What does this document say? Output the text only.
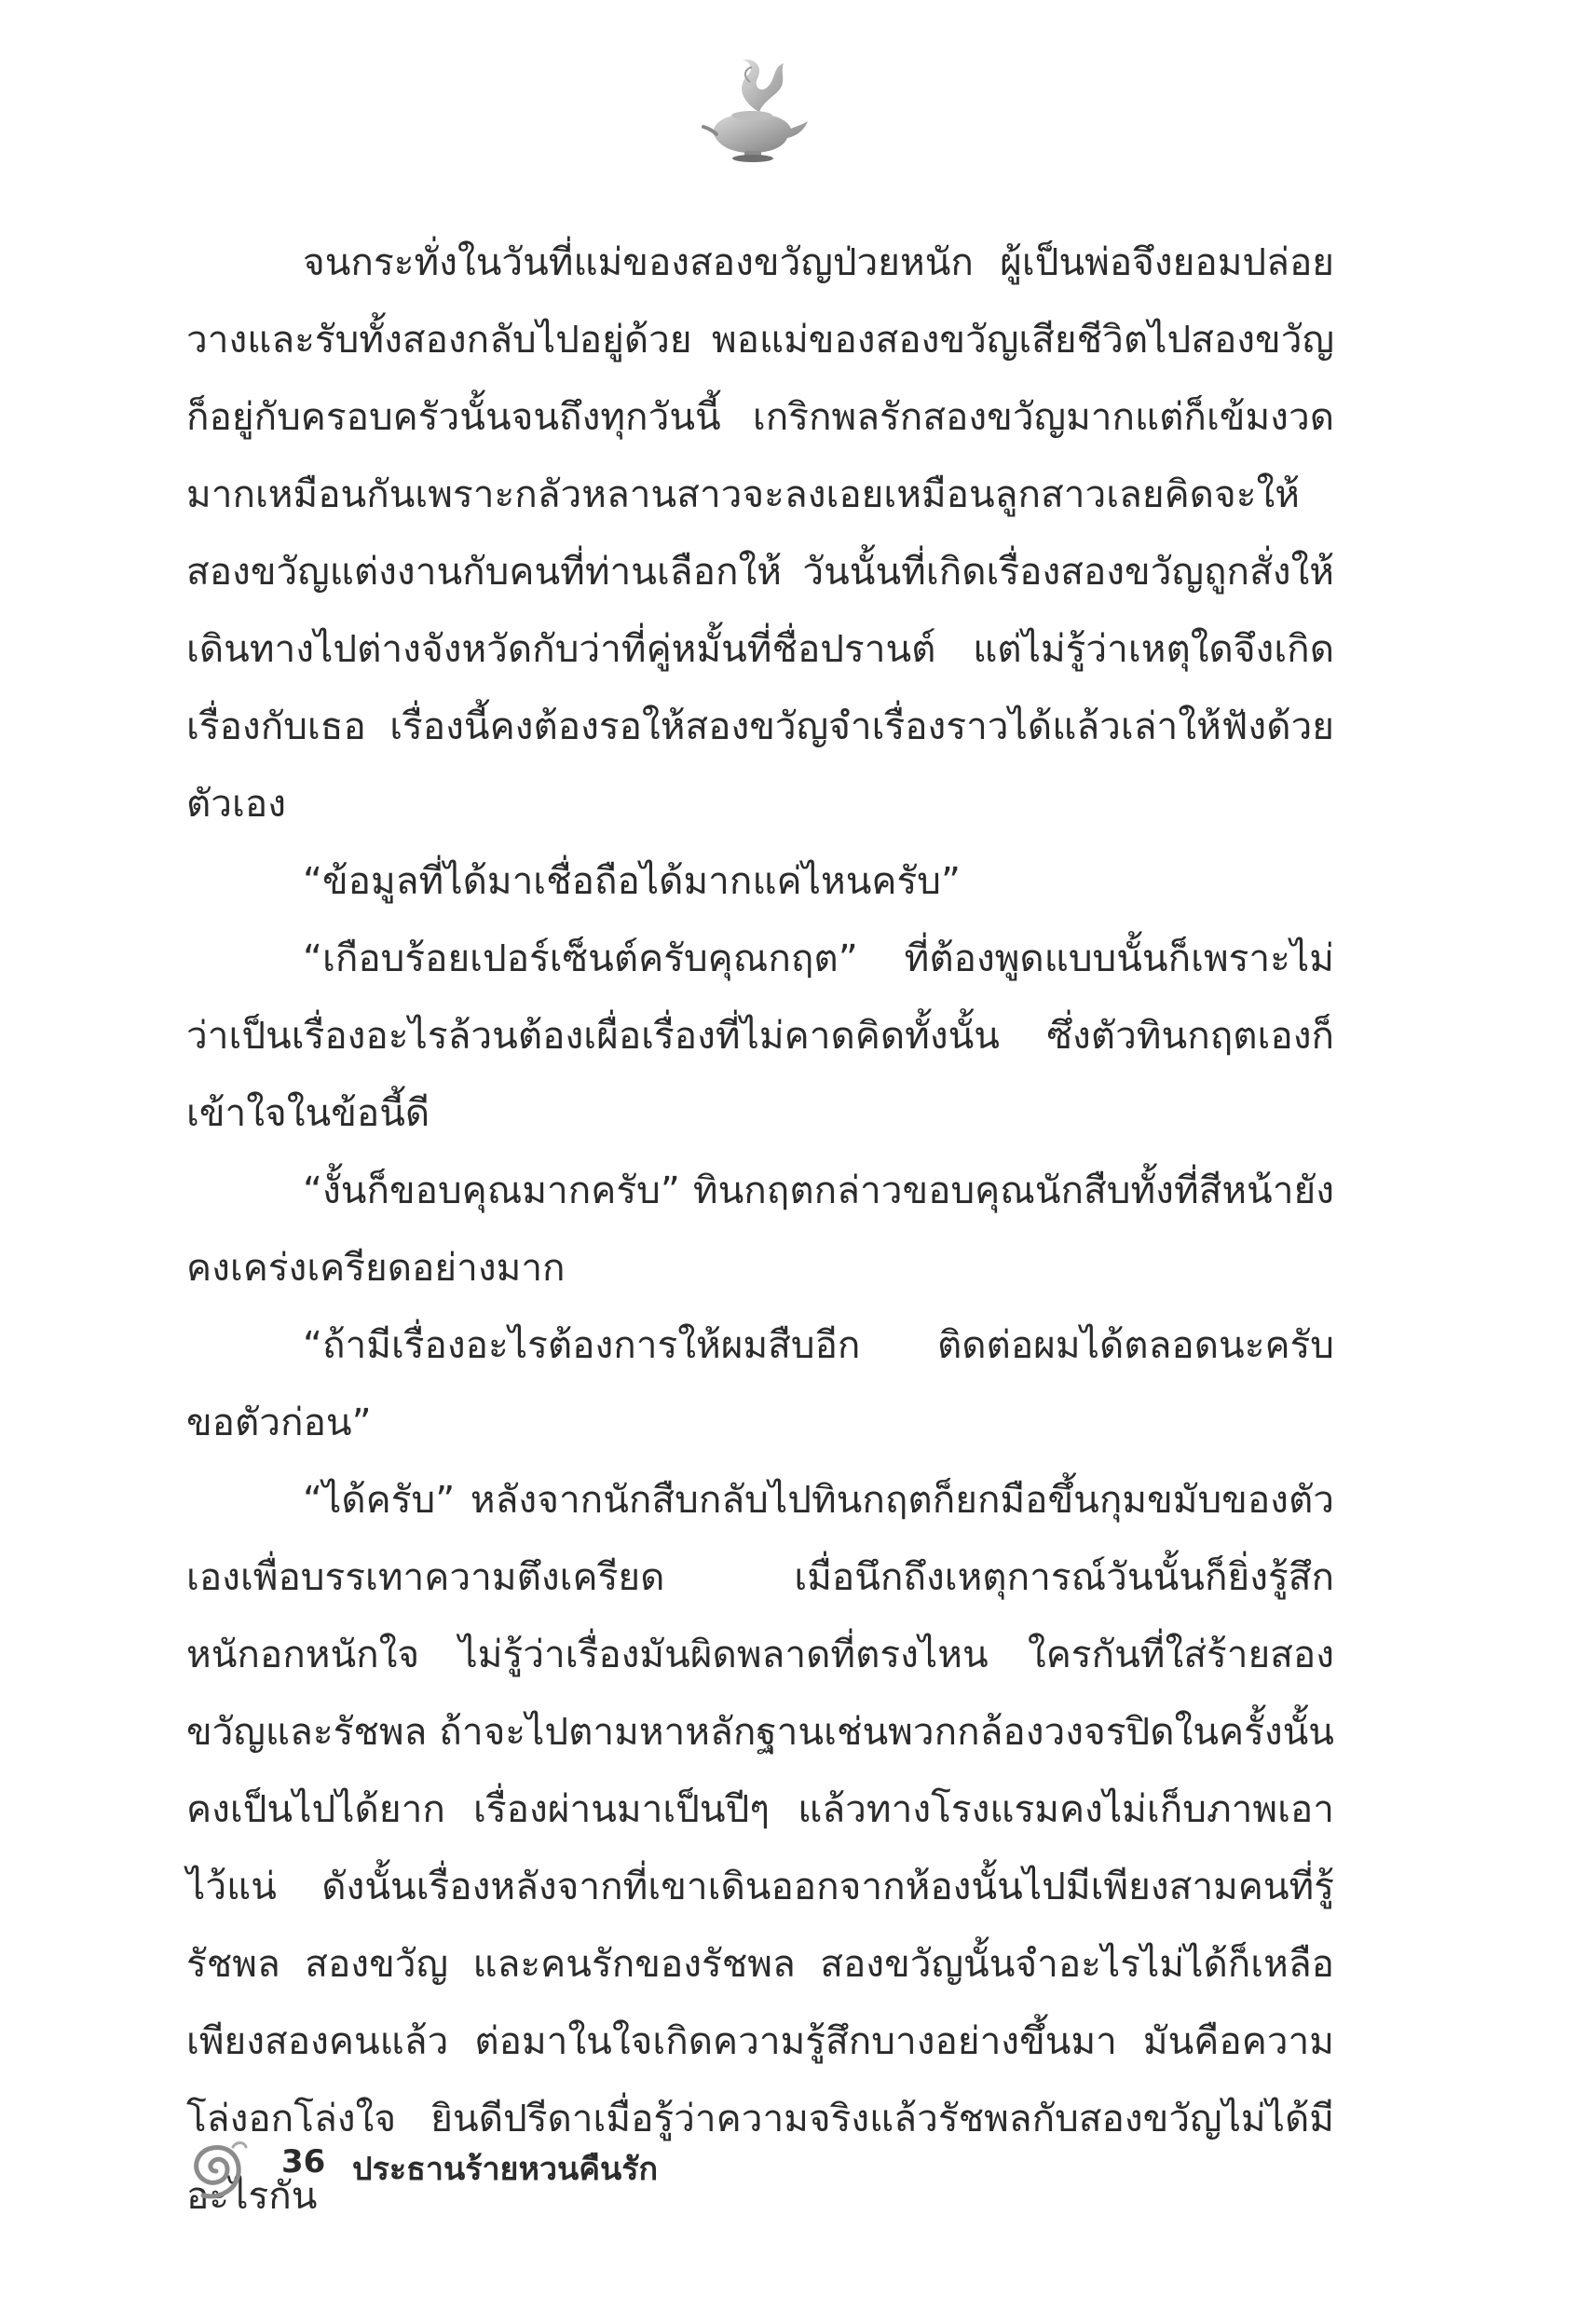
จนกระทั่งในวันที่แม่ของสองขวัญป่วยหนัก ผู้เป็นพ่อจึงยอมปล่อยวางและรับทั้งสองกลับไปอยู่ด้วย พอแม่ของสองขวัญเสียชีวิตไปสองขวัญก็อยู่กับครอบครัวนั้นจนถึงทุกวันนี้ เกริกพลรักสองขวัญมากแต่ก็เข้มงวดมากเหมือนกันเพราะกลัวหลานสาวจะลงเอยเหมือนลูกสาวเลยคิดจะให้สองขวัญแต่งงานกับคนที่ท่านเลือกให้ วันนั้นที่เกิดเรื่องสองขวัญถูกสั่งให้เดินทางไปต่างจังหวัดกับว่าที่คู่หมั้นที่ชื่อปรานต์ แต่ไม่รู้ว่าเหตุใดจึงเกิดเรื่องกับเธอ เรื่องนี้คงต้องรอให้สองขวัญจำเรื่องราวได้แล้วเล่าให้ฟังด้วยตัวเอง

“ข้อมูลที่ได้มาเชื่อถือได้มากแค่ไหนครับ”

“เกือบร้อยเปอร์เซ็นต์ครับคุณกฤต” ที่ต้องพูดแบบนั้นก็เพราะไม่ว่าเป็นเรื่องอะไรล้วนต้องเผื่อเรื่องที่ไม่คาดคิดทั้งนั้น ซึ่งตัวทินกฤตเองก็เข้าใจในข้อนี้ดี

“งั้นก็ขอบคุณมากครับ” ทินกฤตกล่าวขอบคุณนักสืบทั้งที่สีหน้ายังคงเคร่งเครียดอย่างมาก

“ถ้ามีเรื่องอะไรต้องการให้ผมสืบอีก ติดต่อผมได้ตลอดนะครับขอตัวก่อน”

“ได้ครับ” หลังจากนักสืบกลับไปทินกฤตก็ยกมือขึ้นกุมขมับของตัวเองเพื่อบรรเทาความตึงเครียด เมื่อนึกถึงเหตุการณ์วันนั้นก็ยิ่งรู้สึกหนักอกหนักใจ ไม่รู้ว่าเรื่องมันผิดพลาดที่ตรงไหน ใครกันที่ใส่ร้ายสองขวัญและรัชพล ถ้าจะไปตามหาหลักฐานเช่นพวกกล้องวงจรปิดในครั้งนั้นคงเป็นไปได้ยาก เรื่องผ่านมาเป็นปีๆ แล้วทางโรงแรมคงไม่เก็บภาพเอาไว้แน่ ดังนั้นเรื่องหลังจากที่เขาเดินออกจากห้องนั้นไปมีเพียงสามคนที่รู้ รัชพล สองขวัญ และคนรักของรัชพล สองขวัญนั้นจำอะไรไม่ได้ก็เหลือเพียงสองคนแล้ว ต่อมาในใจเกิดความรู้สึกบางอย่างขึ้นมา มันคือความโล่งอกโล่งใจ ยินดีปรีดาเมื่อรู้ว่าความจริงแล้วรัชพลกับสองขวัญไม่ได้มีอะไรกัน

36 ประธานร้ายหวนคืนรัก
